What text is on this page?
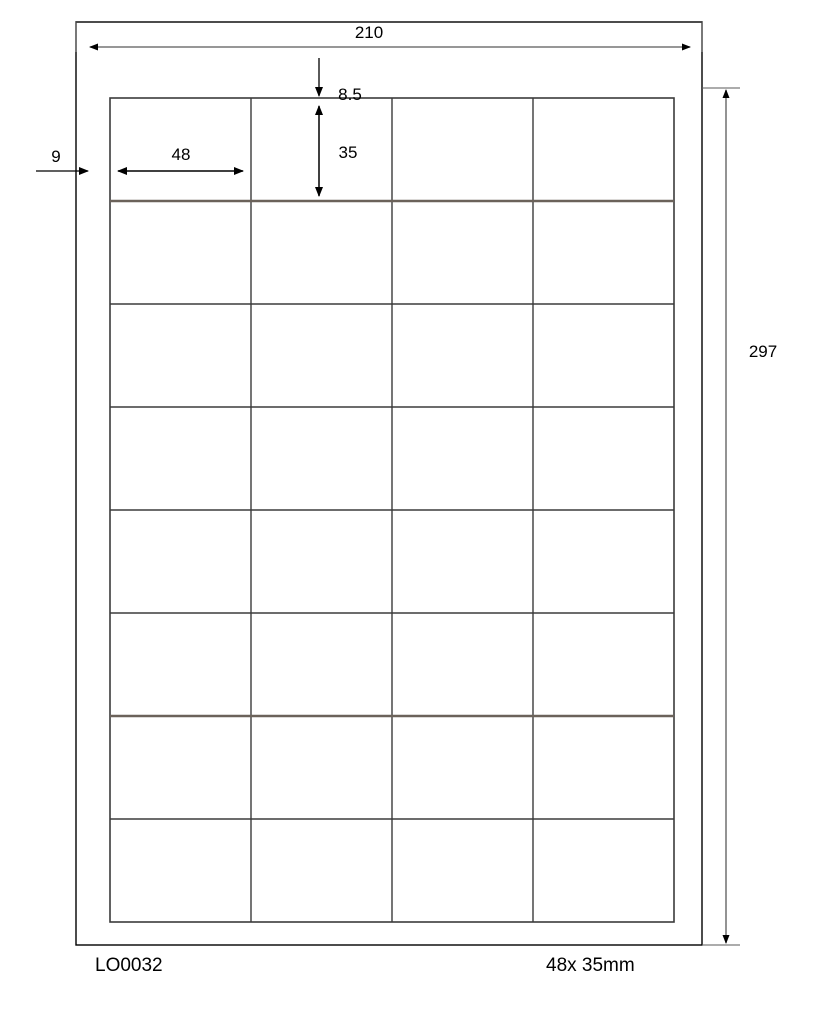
210
297
8.5
9	48	35
LO0032	48x 35mm
